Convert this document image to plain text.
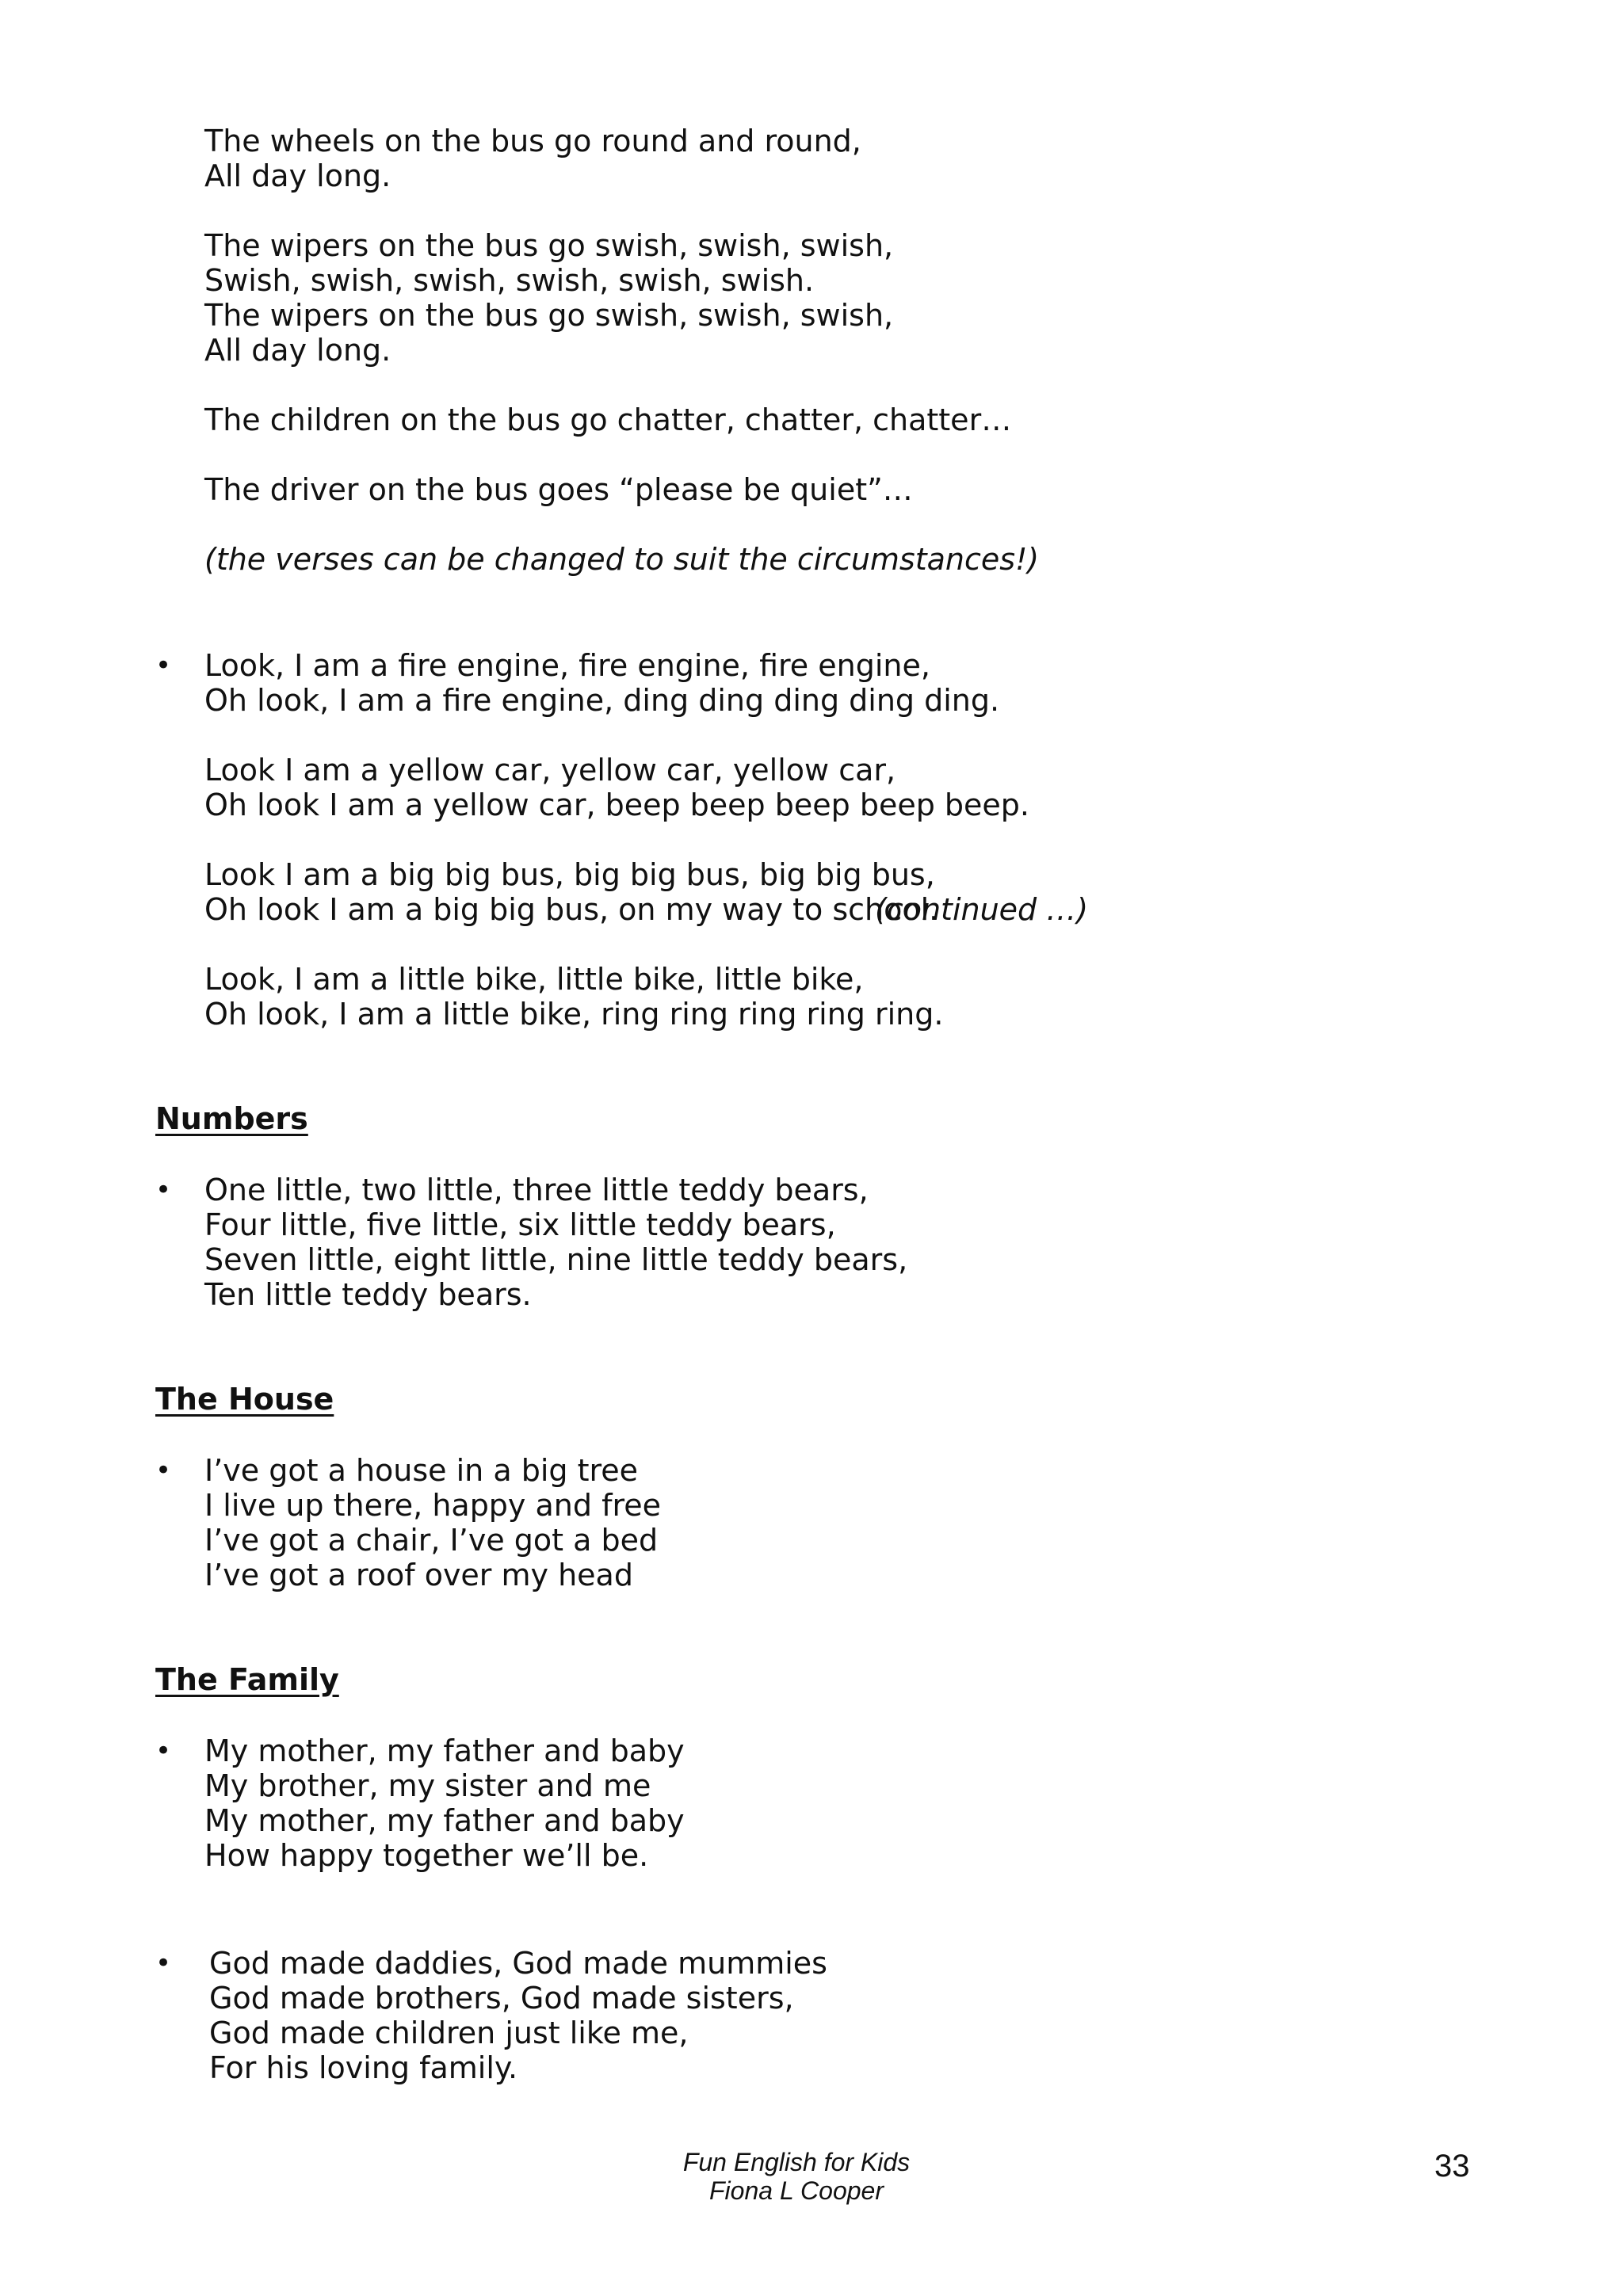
The wheels on the bus go round and round,

All day long.

The wipers on the bus go swish, swish, swish,

Swish, swish, swish, swish, swish, swish.

The wipers on the bus go swish, swish, swish,

All day long.

The children on the bus go chatter, chatter, chatter…

The driver on the bus goes “please be quiet”…

(the verses can be changed to suit the circumstances!)

• Look, I am a fire engine, fire engine, fire engine,

Oh look, I am a fire engine, ding ding ding ding ding.

Look I am a yellow car, yellow car, yellow car,

Oh look I am a yellow car, beep beep beep beep beep.

Look I am a big big bus, big big bus, big big bus,

Oh look I am a big big bus, on my way to school.

(continued …)

Look, I am a little bike, little bike, little bike,

Oh look, I am a little bike, ring ring ring ring ring.

Numbers
• One little, two little, three little teddy bears,

Four little, five little, six little teddy bears,

Seven little, eight little, nine little teddy bears,

Ten little teddy bears.

The House
• I’ve got a house in a big tree

I live up there, happy and free

I’ve got a chair, I’ve got a bed

I’ve got a roof over my head

The Family
• My mother, my father and baby

My brother, my sister and me

My mother, my father and baby

How happy together we’ll be.

• God made daddies, God made mummies

God made brothers, God made sisters,

God made children just like me,

For his loving family.

Fun English for Kids
Fiona L Cooper
33
